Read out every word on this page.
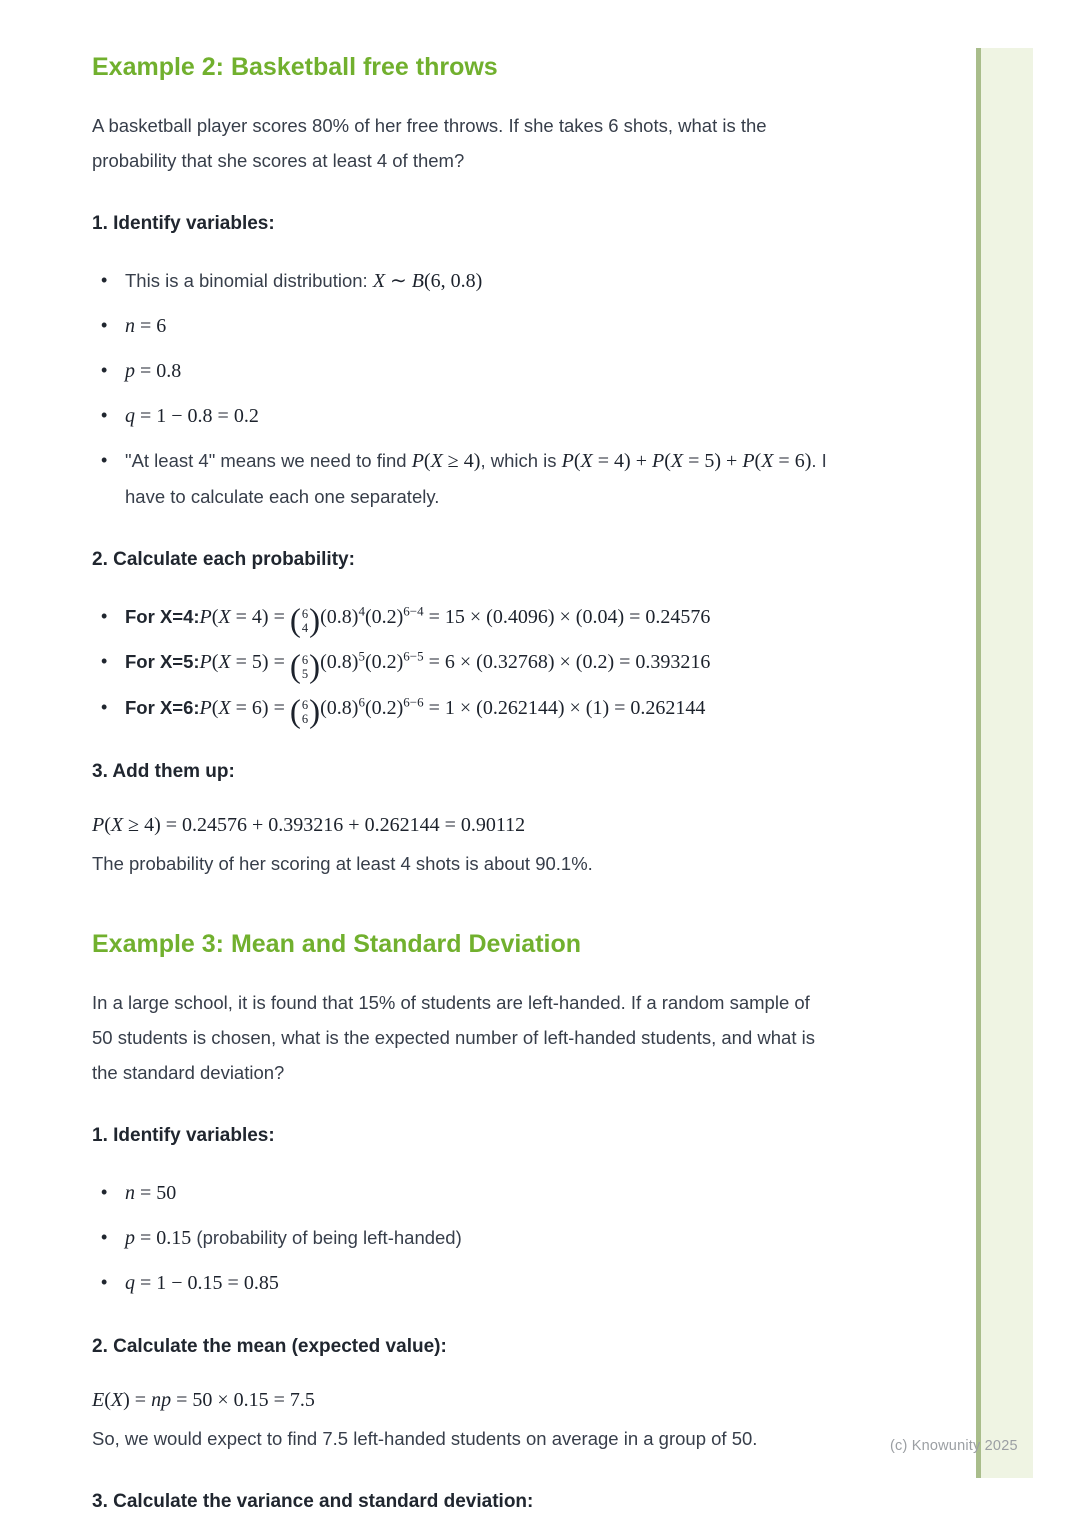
(c) Knowunity 2025
Example 2: Basketball free throws

A basketball player scores 80% of her free throws. If she takes 6 shots, what is the probability that she scores at least 4 of them?

1. Identify variables:

• This is a binomial distribution: X ∼ B(6, 0.8)
• n = 6
• p = 0.8
• q = 1 − 0.8 = 0.2
• "At least 4" means we need to find P(X ≥ 4), which is P(X = 4) + P(X = 5) + P(X = 6). I have to calculate each one separately.

2. Calculate each probability:

• For X=4:P(X = 4) = ( 6
4 ) $(0.8)^4(0.2)^{6-4} = 15 \times (0.4096) \times (0.04) = 0.24576$
• For X=5:P(X = 5) = ( 6
5 ) $(0.8)^5(0.2)^{6-5} = 6 \times (0.32768) \times (0.2) = 0.393216$
• For X=6:P(X = 6) = ( 6
6 ) $(0.8)^6(0.2)^{6-6} = 1 \times (0.262144) \times (1) = 0.262144$

3. Add them up:

P(X ≥ 4) = 0.24576 + 0.393216 + 0.262144 = 0.90112

The probability of her scoring at least 4 shots is about 90.1%.

Example 3: Mean and Standard Deviation

In a large school, it is found that 15% of students are left-handed. If a random sample of 50 students is chosen, what is the expected number of left-handed students, and what is the standard deviation?

1. Identify variables:

• n = 50
• p = 0.15 (probability of being left-handed)
• q = 1 − 0.15 = 0.85

2. Calculate the mean (expected value):

E(X) = np = 50 × 0.15 = 7.5

So, we would expect to find 7.5 left-handed students on average in a group of 50.

3. Calculate the variance and standard deviation:
